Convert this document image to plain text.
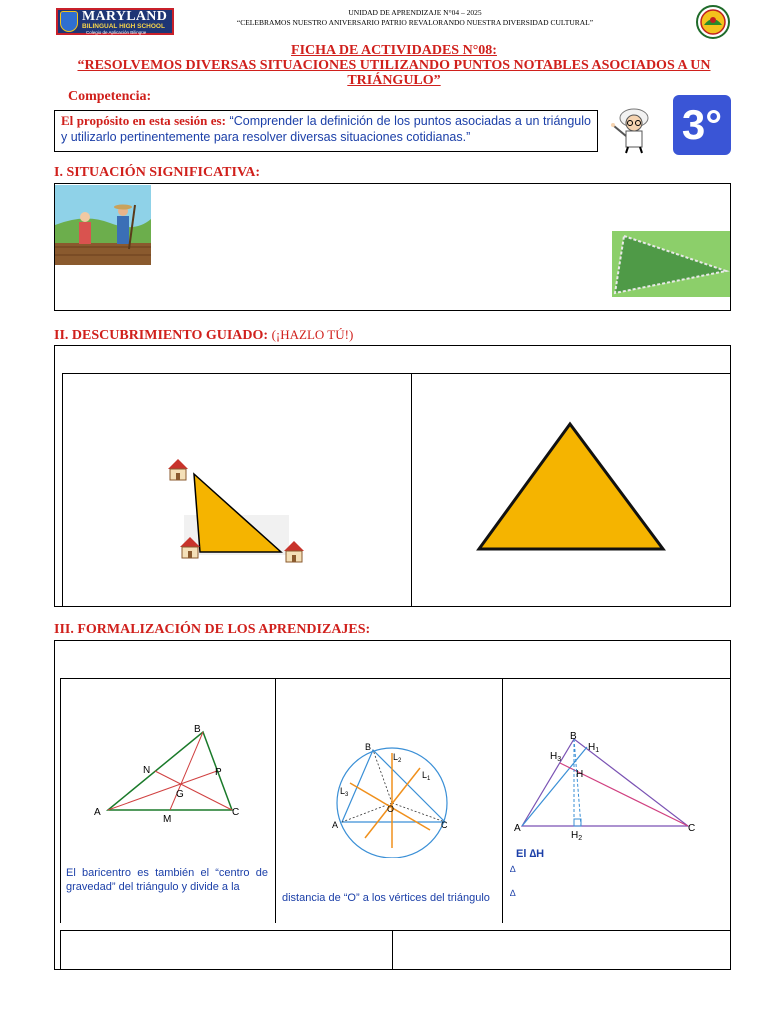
MARYLAND
BILINGUAL HIGH SCHOOL
Colegio de Aplicación Bilingüe
UNIDAD DE APRENDIZAJE N°04 – 2025
“CELEBRAMOS NUESTRO ANIVERSARIO PATRIO REVALORANDO NUESTRA DIVERSIDAD CULTURAL”
FICHA DE ACTIVIDADES N°08:
“RESOLVEMOS DIVERSAS SITUACIONES UTILIZANDO PUNTOS NOTABLES ASOCIADOS A UN
TRIÁNGULO”
Competencia:
El propósito en esta sesión es: “Comprender la definición de los puntos asociadas a un triángulo y utilizarlo pertinentemente para resolver diversas situaciones cotidianas.”	3°
I. SITUACIÓN SIGNIFICATIVA:
II. DESCUBRIMIENTO GUIADO: (¡HAZLO TÚ!)
III. FORMALIZACIÓN DE LOS APRENDIZAJES:
A
B
C
N	P
G
M
El baricentro es también el “centro de gravedad” del triángulo y divide a la
A
B
C
O
$L_1$
$L_2$
$L_3$
distancia de “O” a los vértices del triángulo
A
B
C
H
$H_1$
$H_2$
$H_3$
El ∆H
∆
∆
